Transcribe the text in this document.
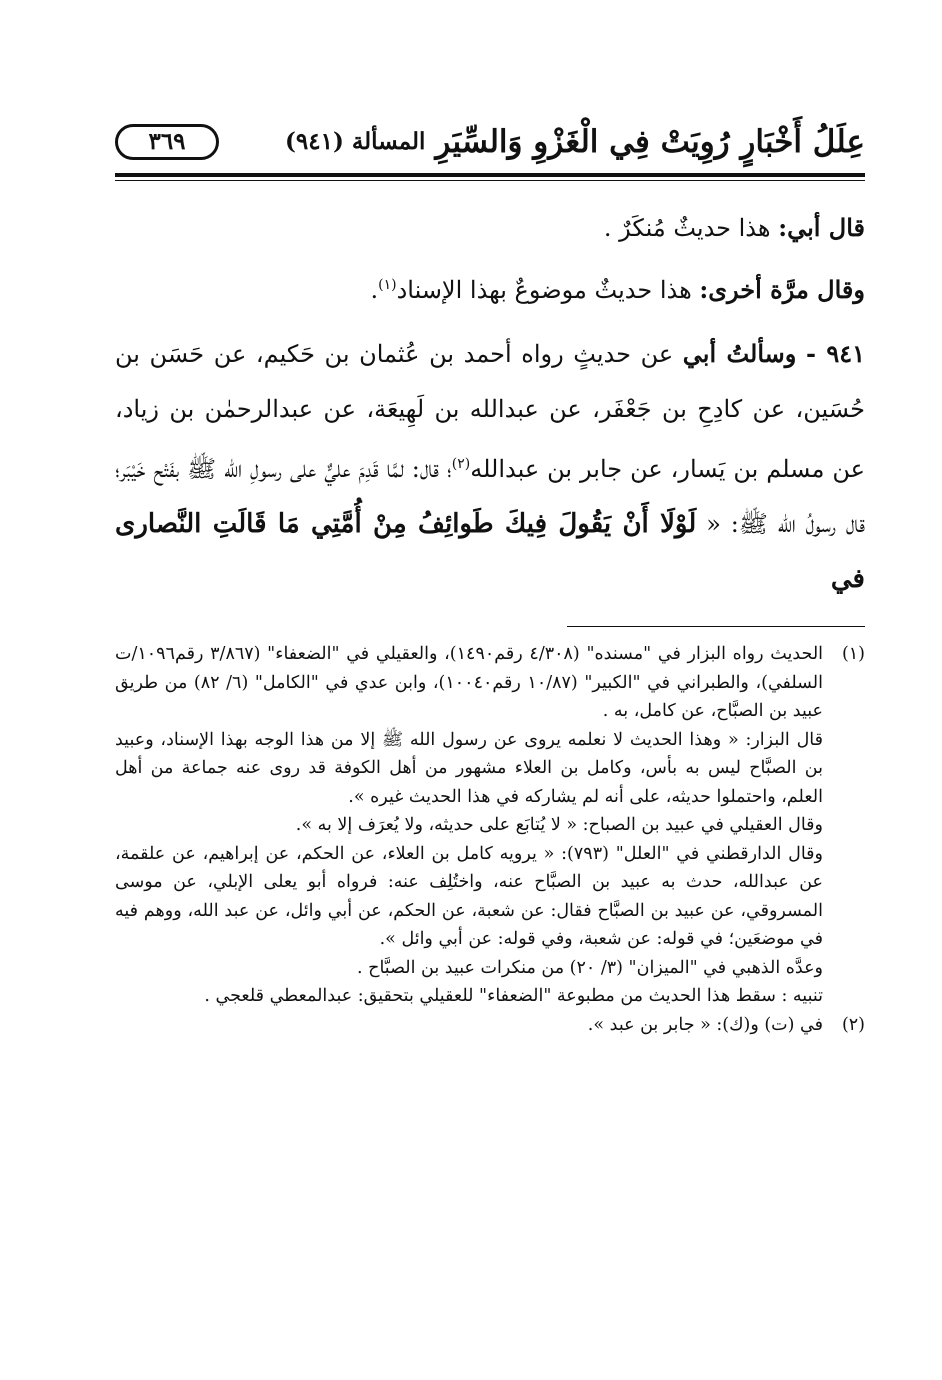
عِلَلُ أَخْبَارٍ رُوِيَتْ فِي الْغَزْوِ وَالسِّيَرِ
المسألة (٩٤١)
٣٦٩

قال أبي: هذا حديثٌ مُنكَرٌ .

وقال مرَّة أخرى: هذا حديثٌ موضوعٌ بهذا الإسناد$^{(١)}$.

٩٤١ - وسألتُ أبي عن حديثٍ رواه أحمد بن عُثمان بن حَكيم، عن حَسَن بن حُسَين، عن كادِحِ بن جَعْفَر، عن عبدالله بن لَهِيعَة، عن عبدالرحمٰن بن زياد، عن مسلم بن يَسار، عن جابر بن عبدالله$^{(٢)}$؛ قال: لمَّا قَدِمَ عليٌّ على رسولِ الله ﷺ بفَتْح خَيْبَر؛ قال رسولُ الله ﷺ: « لَوْلَا أَنْ يَقُولَ فِيكَ طَوائِفُ مِنْ أُمَّتِي مَا قَالَتِ النَّصارى في

(١)

الحديث رواه البزار في "مسنده" (٤/٣٠٨ رقم١٤٩٠)، والعقيلي في "الضعفاء" (٣/٨٦٧ رقم١٠٩٦/ت السلفي)، والطبراني في "الكبير" (١٠/٨٧ رقم١٠٠٤٠)، وابن عدي في "الكامل" (٦/ ٨٢) من طريق عبيد بن الصبَّاح، عن كامل، به .

قال البزار: « وهذا الحديث لا نعلمه يروى عن رسول الله ﷺ إلا من هذا الوجه بهذا الإسناد، وعبيد بن الصبَّاح ليس به بأس، وكامل بن العلاء مشهور من أهل الكوفة قد روى عنه جماعة من أهل العلم، واحتملوا حديثه، على أنه لم يشاركه في هذا الحديث غيره ».

وقال العقيلي في عبيد بن الصباح: « لا يُتابَع على حديثه، ولا يُعرَف إلا به ».

وقال الدارقطني في "العلل" (٧٩٣): « يرويه كامل بن العلاء، عن الحكم، عن إبراهيم، عن علقمة، عن عبدالله، حدث به عبيد بن الصبَّاح عنه، واختُلِف عنه: فرواه أبو يعلى الإبلي، عن موسى المسروقي، عن عبيد بن الصبَّاح فقال: عن شعبة، عن الحكم، عن أبي وائل، عن عبد الله، ووهم فيه في موضعَين؛ في قوله: عن شعبة، وفي قوله: عن أبي وائل ».

وعدَّه الذهبي في "الميزان" (٣/ ٢٠) من منكرات عبيد بن الصبَّاح .

تنبيه : سقط هذا الحديث من مطبوعة "الضعفاء" للعقيلي بتحقيق: عبدالمعطي قلعجي .

(٢)

في (ت) و(ك): « جابر بن عبد ».
